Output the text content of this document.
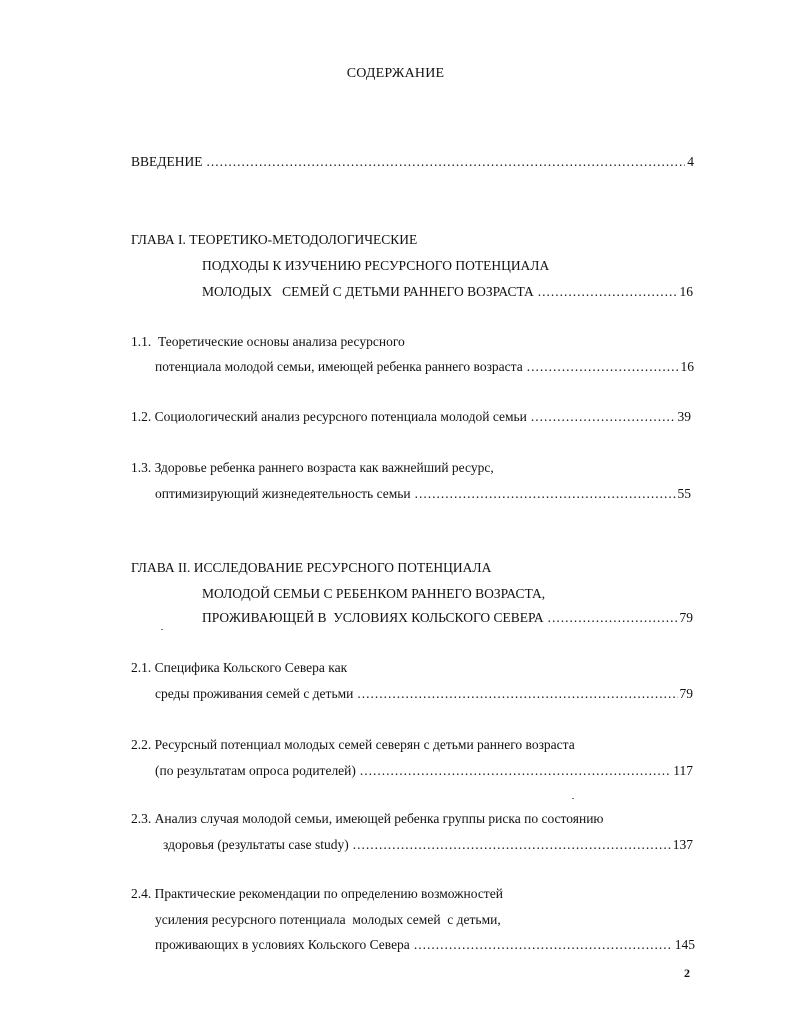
СОДЕРЖАНИЕ
ВВЕДЕНИЕ .....	4
ГЛАВА I. ТЕОРЕТИКО-МЕТОДОЛОГИЧЕСКИЕ
ПОДХОДЫ К ИЗУЧЕНИЮ РЕСУРСНОГО ПОТЕНЦИАЛА
МОЛОДЫХ   СЕМЕЙ С ДЕТЬМИ РАННЕГО ВОЗРАСТА .....	16
1.1.  Теоретические основы анализа ресурсного
потенциала молодой семьи, имеющей ребенка раннего возраста .....	16
1.2. Социологический анализ ресурсного потенциала молодой семьи .....	39
1.3. Здоровье ребенка раннего возраста как важнейший ресурс,
оптимизирующий жизнедеятельность семьи .....	55
ГЛАВА II. ИССЛЕДОВАНИЕ РЕСУРСНОГО ПОТЕНЦИАЛА
МОЛОДОЙ СЕМЬИ С РЕБЕНКОМ РАННЕГО ВОЗРАСТА,
ПРОЖИВАЮЩЕЙ В  УСЛОВИЯХ КОЛЬСКОГО СЕВЕРА .....	79
2.1. Специфика Кольского Севера как
среды проживания семей с детьми .....	79
2.2. Ресурсный потенциал молодых семей северян с детьми раннего возраста
(по результатам опроса родителей) .....	117
2.3. Анализ случая молодой семьи, имеющей ребенка группы риска по состоянию
здоровья (результаты case study) .....	137
2.4. Практические рекомендации по определению возможностей
усиления ресурсного потенциала  молодых семей  с детьми,
проживающих в условиях Кольского Севера .....	145
2
